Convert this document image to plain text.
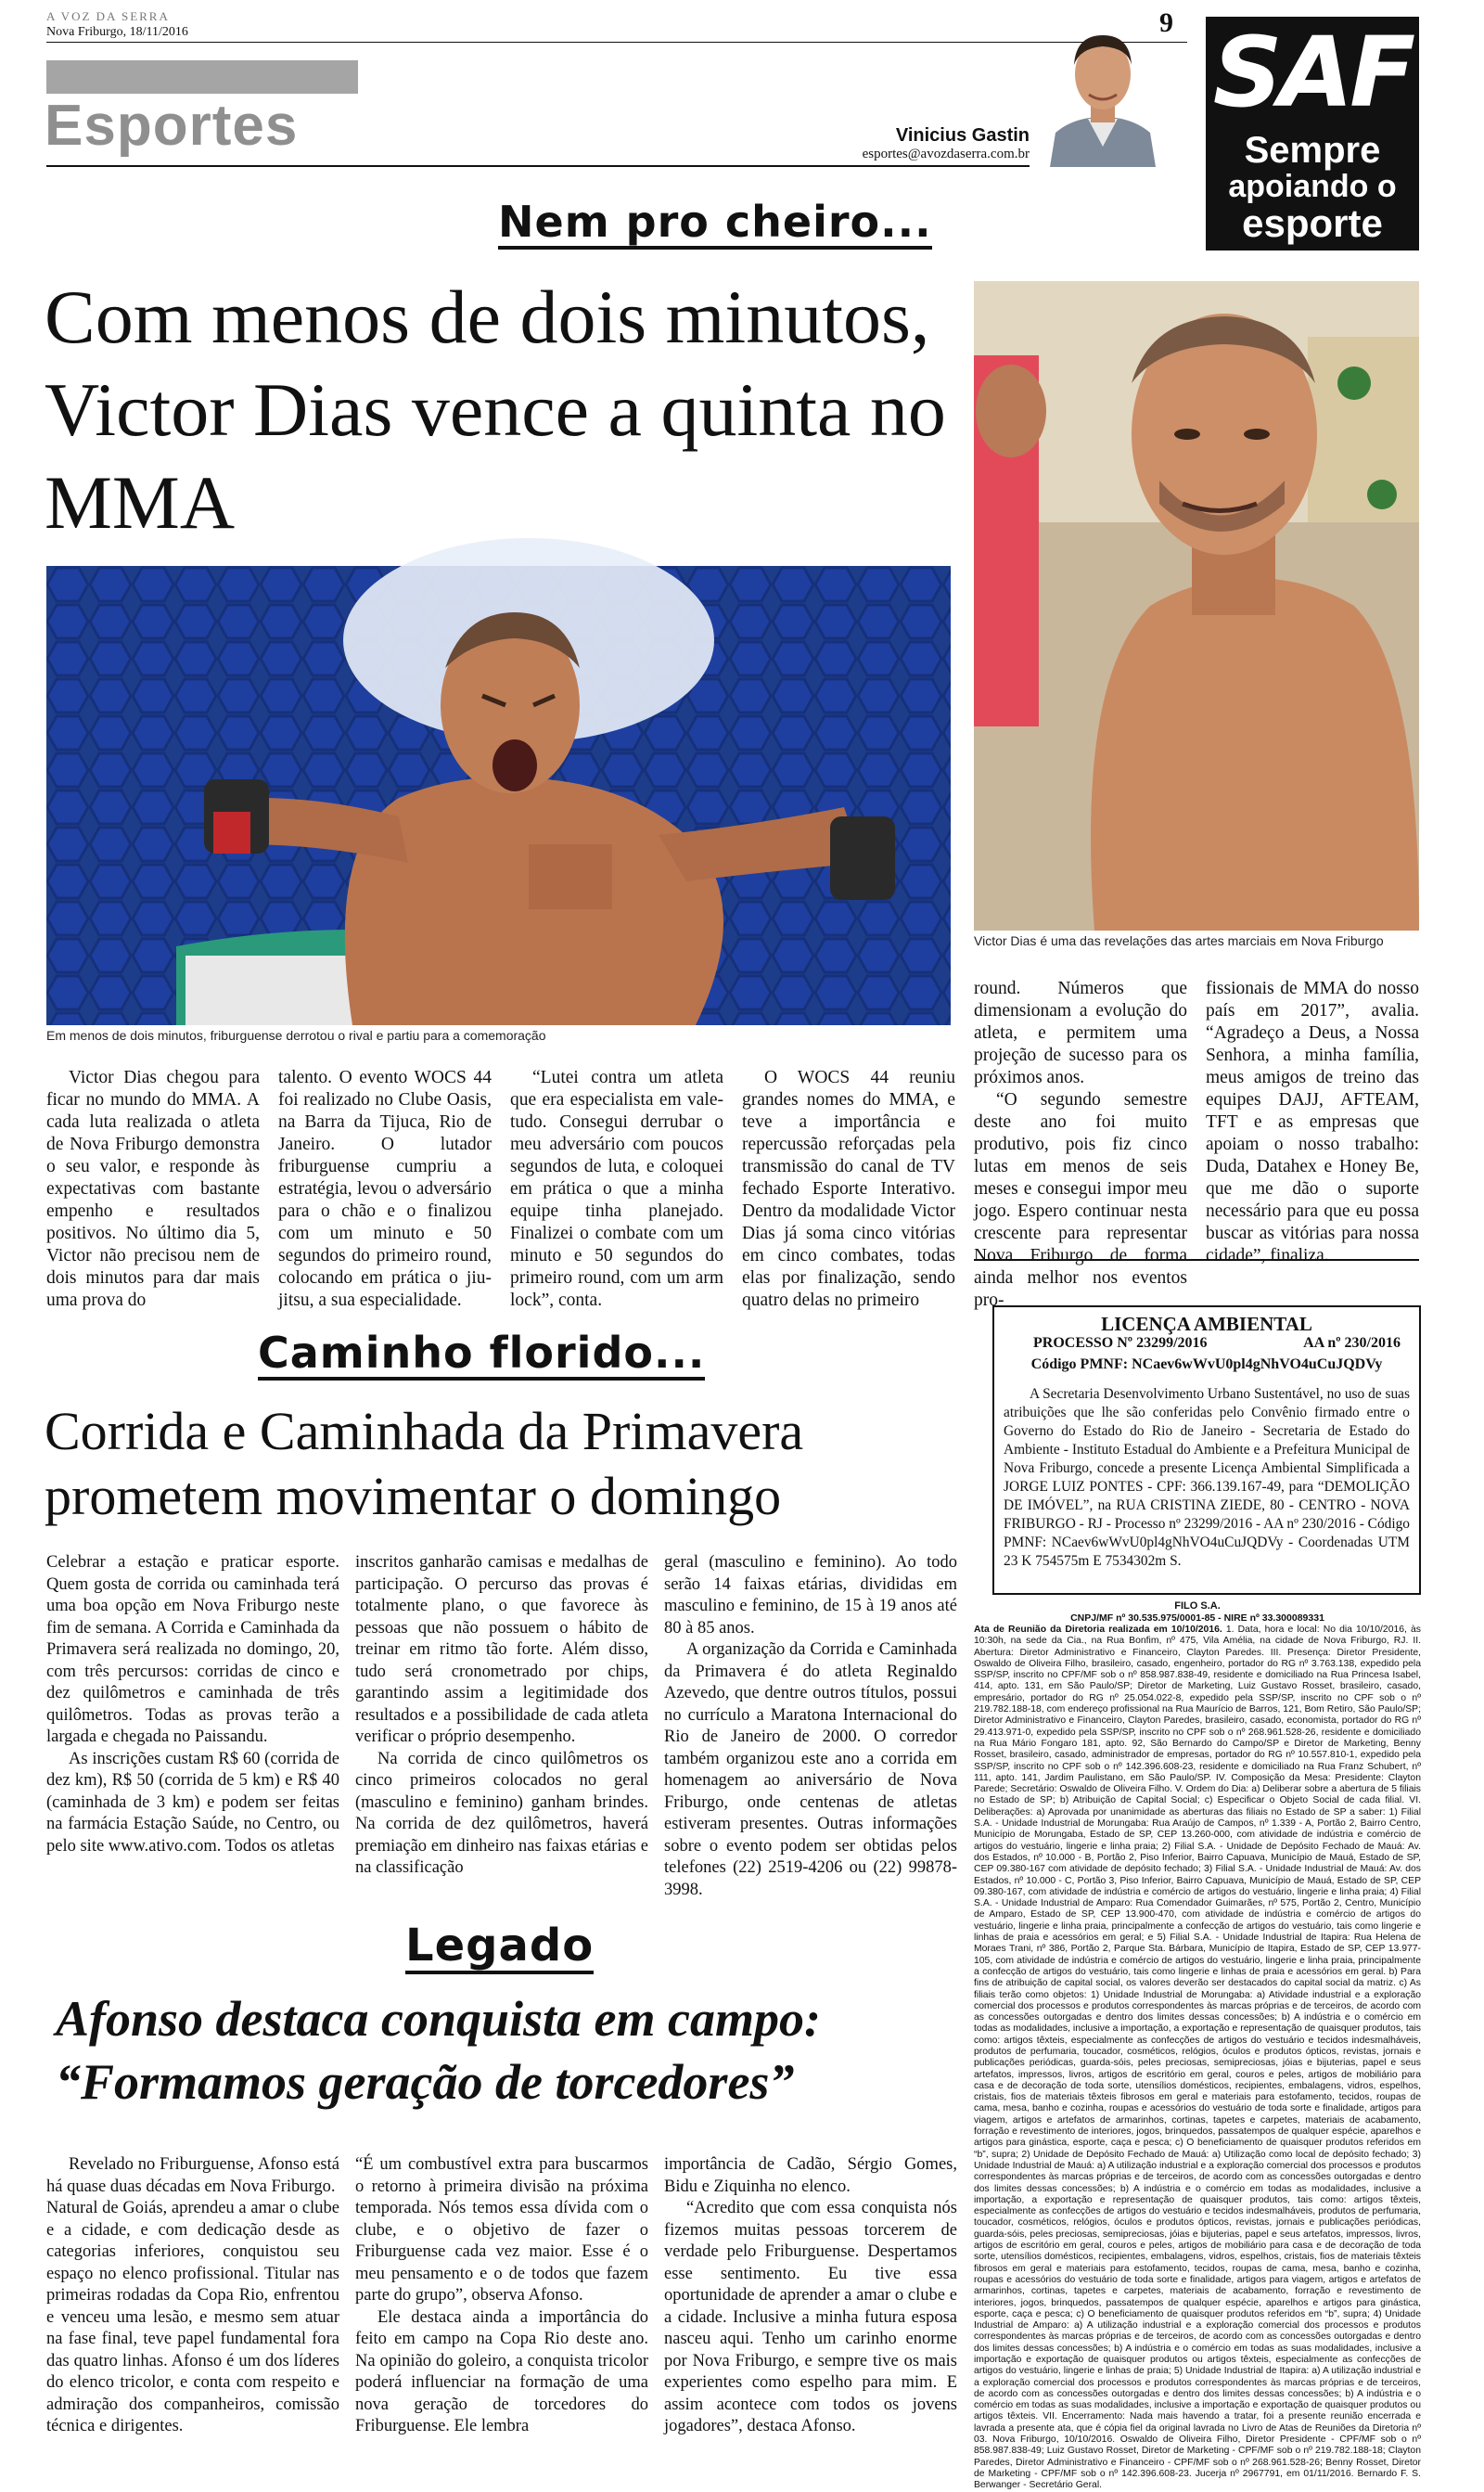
A VOZ DA SERRA
Nova Friburgo, 18/11/2016	9
Esportes	Vinicius Gastin
esportes@avozdaserra.com.br
SAF
Sempre
apoiando o
esporte
Nem pro cheiro...
Com menos de dois minutos, Victor Dias vence a quinta no MMA
Victor Dias é uma das revelações das artes marciais em Nova Friburgo
Em menos de dois minutos, friburguense derrotou o rival e partiu para a comemoração

Victor Dias chegou para ficar no mundo do MMA. A cada luta realizada o atleta de Nova Friburgo demonstra o seu valor, e responde às expectativas com bastante empenho e resultados positivos. No último dia 5, Victor não precisou nem de dois minutos para dar mais uma prova do

talento. O evento WOCS 44 foi realizado no Clube Oasis, na Barra da Tijuca, Rio de Janeiro. O lutador friburguense cumpriu a estratégia, levou o adversário para o chão e o finalizou com um minuto e 50 segundos do primeiro round, colocando em prática o jiu-jitsu, a sua especialidade.

“Lutei contra um atleta que era especialista em vale-tudo. Consegui derrubar o meu adversário com poucos segundos de luta, e coloquei em prática o que a minha equipe tinha planejado. Finalizei o combate com um minuto e 50 segundos do primeiro round, com um arm lock”, conta.

O WOCS 44 reuniu grandes nomes do MMA, e teve a importância e repercussão reforçadas pela transmissão do canal de TV fechado Esporte Interativo. Dentro da modalidade Victor Dias já soma cinco vitórias em cinco combates, todas elas por finalização, sendo quatro delas no primeiro

round. Números que dimensionam a evolução do atleta, e permitem uma projeção de sucesso para os próximos anos.

“O segundo semestre deste ano foi muito produtivo, pois fiz cinco lutas em menos de seis meses e consegui impor meu jogo. Espero continuar nesta crescente para representar Nova Friburgo de forma ainda melhor nos eventos pro-

fissionais de MMA do nosso país em 2017”, avalia. “Agradeço a Deus, a Nossa Senhora, a minha família, meus amigos de treino das equipes DAJJ, AFTEAM, TFT e as empresas que apoiam o nosso trabalho: Duda, Datahex e Honey Be, que me dão o suporte necessário para que eu possa buscar as vitórias para nossa cidade”, finaliza.

Caminho florido...
Corrida e Caminhada da Primavera
prometem movimentar o domingo

Celebrar a estação e praticar esporte. Quem gosta de corrida ou caminhada terá uma boa opção em Nova Friburgo neste fim de semana. A Corrida e Caminhada da Primavera será realizada no domingo, 20, com três percursos: corridas de cinco e dez quilômetros e caminhada de três quilômetros. Todas as provas terão a largada e chegada no Paissandu.

As inscrições custam R$ 60 (corrida de dez km), R$ 50 (corrida de 5 km) e R$ 40 (caminhada de 3 km) e podem ser feitas na farmácia Estação Saúde, no Centro, ou pelo site www.ativo.com. Todos os atletas

inscritos ganharão camisas e medalhas de participação. O percurso das provas é totalmente plano, o que favorece às pessoas que não possuem o hábito de treinar em ritmo tão forte. Além disso, tudo será cronometrado por chips, garantindo assim a legitimidade dos resultados e a possibilidade de cada atleta verificar o próprio desempenho.

Na corrida de cinco quilômetros os cinco primeiros colocados no geral (masculino e feminino) ganham brindes. Na corrida de dez quilômetros, haverá premiação em dinheiro nas faixas etárias e na classificação

geral (masculino e feminino). Ao todo serão 14 faixas etárias, divididas em masculino e feminino, de 15 à 19 anos até 80 à 85 anos.

A organização da Corrida e Caminhada da Primavera é do atleta Reginaldo Azevedo, que dentre outros títulos, possui no currículo a Maratona Internacional do Rio de Janeiro de 2000. O corredor também organizou este ano a corrida em homenagem ao aniversário de Nova Friburgo, onde centenas de atletas estiveram presentes. Outras informações sobre o evento podem ser obtidas pelos telefones (22) 2519-4206 ou (22) 99878-3998.

Legado
Afonso destaca conquista em campo:
“Formamos geração de torcedores”

Revelado no Friburguense, Afonso está há quase duas décadas em Nova Friburgo.

Natural de Goiás, aprendeu a amar o clube e a cidade, e com dedicação desde as categorias inferiores, conquistou seu espaço no elenco profissional. Titular nas primeiras rodadas da Copa Rio, enfrentou e venceu uma lesão, e mesmo sem atuar na fase final, teve papel fundamental fora das quatro linhas. Afonso é um dos líderes do elenco tricolor, e conta com respeito e admiração dos companheiros, comissão técnica e dirigentes.

“É um combustível extra para buscarmos o retorno à primeira divisão na próxima temporada. Nós temos essa dívida com o clube, e o objetivo de fazer o Friburguense cada vez maior. Esse é o meu pensamento e o de todos que fazem parte do grupo”, observa Afonso.

Ele destaca ainda a importância do feito em campo na Copa Rio deste ano. Na opinião do goleiro, a conquista tricolor poderá influenciar na formação de uma nova geração de torcedores do Friburguense. Ele lembra

importância de Cadão, Sérgio Gomes, Bidu e Ziquinha no elenco.

“Acredito que com essa conquista nós fizemos muitas pessoas torcerem de verdade pelo Friburguense. Despertamos esse sentimento. Eu tive essa oportunidade de aprender a amar o clube e a cidade. Inclusive a minha futura esposa nasceu aqui. Tenho um carinho enorme por Nova Friburgo, e sempre tive os mais experientes como espelho para mim. E assim acontece com todos os jovens jogadores”, destaca Afonso.

LICENÇA AMBIENTAL
PROCESSO Nº 23299/2016	AA nº 230/2016
Código PMNF: NCaev6wWvU0pl4gNhVO4uCuJQDVy
A Secretaria Desenvolvimento Urbano Sustentável, no uso de suas atribuições que lhe são conferidas pelo Convênio firmado entre o Governo do Estado do Rio de Janeiro - Secretaria de Estado do Ambiente - Instituto Estadual do Ambiente e a Prefeitura Municipal de Nova Friburgo, concede a presente Licença Ambiental Simplificada a JORGE LUIZ PONTES - CPF: 366.139.167-49, para “DEMOLIÇÃO DE IMÓVEL”, na RUA CRISTINA ZIEDE, 80 - CENTRO - NOVA FRIBURGO - RJ - Processo nº 23299/2016 - AA nº 230/2016 - Código PMNF: NCaev6wWvU0pl4gNhVO4uCuJQDVy - Coordenadas UTM 23 K 754575m E 7534302m S.
FILO S.A.
CNPJ/MF nº 30.535.975/0001-85 - NIRE nº 33.300089331
Ata de Reunião da Diretoria realizada em 10/10/2016. 1. Data, hora e local: No dia 10/10/2016, às 10:30h, na sede da Cia., na Rua Bonfim, nº 475, Vila Amélia, na cidade de Nova Friburgo, RJ. II. Abertura: Diretor Administrativo e Financeiro, Clayton Paredes. III. Presença: Diretor Presidente, Oswaldo de Oliveira Filho, brasileiro, casado, engenheiro, portador do RG nº 3.763.138, expedido pela SSP/SP, inscrito no CPF/MF sob o nº 858.987.838-49, residente e domiciliado na Rua Princesa Isabel, 414, apto. 131, em São Paulo/SP; Diretor de Marketing, Luiz Gustavo Rosset, brasileiro, casado, empresário, portador do RG nº 25.054.022-8, expedido pela SSP/SP, inscrito no CPF sob o nº 219.782.188-18, com endereço profissional na Rua Maurício de Barros, 121, Bom Retiro, São Paulo/SP; Diretor Administrativo e Financeiro, Clayton Paredes, brasileiro, casado, economista, portador do RG nº 29.413.971-0, expedido pela SSP/SP, inscrito no CPF sob o nº 268.961.528-26, residente e domiciliado na Rua Mário Fongaro 181, apto. 92, São Bernardo do Campo/SP e Diretor de Marketing, Benny Rosset, brasileiro, casado, administrador de empresas, portador do RG nº 10.557.810-1, expedido pela SSP/SP, inscrito no CPF sob o nº 142.396.608-23, residente e domiciliado na Rua Franz Schubert, nº 111, apto. 141, Jardim Paulistano, em São Paulo/SP. IV. Composição da Mesa: Presidente: Clayton Parede; Secretário: Oswaldo de Oliveira Filho. V. Ordem do Dia: a) Deliberar sobre a abertura de 5 filiais no Estado de SP; b) Atribuição de Capital Social; c) Especificar o Objeto Social de cada filial. VI. Deliberações: a) Aprovada por unanimidade as aberturas das filiais no Estado de SP a saber: 1) Filial S.A. - Unidade Industrial de Morungaba: Rua Araújo de Campos, nº 1.339 - A, Portão 2, Bairro Centro, Município de Morungaba, Estado de SP, CEP 13.260-000, com atividade de indústria e comércio de artigos do vestuário, lingerie e linha praia; 2) Filial S.A. - Unidade de Depósito Fechado de Mauá: Av. dos Estados, nº 10.000 - B, Portão 2, Piso Inferior, Bairro Capuava, Município de Mauá, Estado de SP, CEP 09.380-167 com atividade de depósito fechado; 3) Filial S.A. - Unidade Industrial de Mauá: Av. dos Estados, nº 10.000 - C, Portão 3, Piso Inferior, Bairro Capuava, Município de Mauá, Estado de SP, CEP 09.380-167, com atividade de indústria e comércio de artigos do vestuário, lingerie e linha praia; 4) Filial S.A. - Unidade Industrial de Amparo: Rua Comendador Guimarães, nº 575, Portão 2, Centro, Município de Amparo, Estado de SP, CEP 13.900-470, com atividade de indústria e comércio de artigos do vestuário, lingerie e linha praia, principalmente a confecção de artigos do vestuário, tais como lingerie e linhas de praia e acessórios em geral; e 5) Filial S.A. - Unidade Industrial de Itapira: Rua Helena de Moraes Trani, nº 386, Portão 2, Parque Sta. Bárbara, Município de Itapira, Estado de SP, CEP 13.977-105, com atividade de indústria e comércio de artigos do vestuário, lingerie e linha praia, principalmente a confecção de artigos do vestuário, tais como lingerie e linhas de praia e acessórios em geral. b) Para fins de atribuição de capital social, os valores deverão ser destacados do capital social da matriz. c) As filiais terão como objetos: 1) Unidade Industrial de Morungaba: a) Atividade industrial e a exploração comercial dos processos e produtos correspondentes às marcas próprias e de terceiros, de acordo com as concessões outorgadas e dentro dos limites dessas concessões; b) A indústria e o comércio em todas as modalidades, inclusive a importação, a exportação e representação de quaisquer produtos, tais como: artigos têxteis, especialmente as confecções de artigos do vestuário e tecidos indesmalháveis, produtos de perfumaria, toucador, cosméticos, relógios, óculos e produtos ópticos, revistas, jornais e publicações periódicas, guarda-sóis, peles preciosas, semipreciosas, jóias e bijuterias, papel e seus artefatos, impressos, livros, artigos de escritório em geral, couros e peles, artigos de mobiliário para casa e de decoração de toda sorte, utensílios domésticos, recipientes, embalagens, vidros, espelhos, cristais, fios de materiais têxteis fibrosos em geral e materiais para estofamento, tecidos, roupas de cama, mesa, banho e cozinha, roupas e acessórios do vestuário de toda sorte e finalidade, artigos para viagem, artigos e artefatos de armarinhos, cortinas, tapetes e carpetes, materiais de acabamento, forração e revestimento de interiores, jogos, brinquedos, passatempos de qualquer espécie, aparelhos e artigos para ginástica, esporte, caça e pesca; c) O beneficiamento de quaisquer produtos referidos em “b”, supra; 2) Unidade de Depósito Fechado de Mauá: a) Utilização como local de depósito fechado; 3) Unidade Industrial de Mauá: a) A utilização industrial e a exploração comercial dos processos e produtos correspondentes às marcas próprias e de terceiros, de acordo com as concessões outorgadas e dentro dos limites dessas concessões; b) A indústria e o comércio em todas as modalidades, inclusive a importação, a exportação e representação de quaisquer produtos, tais como: artigos têxteis, especialmente as confecções de artigos do vestuário e tecidos indesmalháveis, produtos de perfumaria, toucador, cosméticos, relógios, óculos e produtos ópticos, revistas, jornais e publicações periódicas, guarda-sóis, peles preciosas, semipreciosas, jóias e bijuterias, papel e seus artefatos, impressos, livros, artigos de escritório em geral, couros e peles, artigos de mobiliário para casa e de decoração de toda sorte, utensílios domésticos, recipientes, embalagens, vidros, espelhos, cristais, fios de materiais têxteis fibrosos em geral e materiais para estofamento, tecidos, roupas de cama, mesa, banho e cozinha, roupas e acessórios do vestuário de toda sorte e finalidade, artigos para viagem, artigos e artefatos de armarinhos, cortinas, tapetes e carpetes, materiais de acabamento, forração e revestimento de interiores, jogos, brinquedos, passatempos de qualquer espécie, aparelhos e artigos para ginástica, esporte, caça e pesca; c) O beneficiamento de quaisquer produtos referidos em “b”, supra; 4) Unidade Industrial de Amparo: a) A utilização industrial e a exploração comercial dos processos e produtos correspondentes às marcas próprias e de terceiros, de acordo com as concessões outorgadas e dentro dos limites dessas concessões; b) A indústria e o comércio em todas as suas modalidades, inclusive a importação e exportação de quaisquer produtos ou artigos têxteis, especialmente as confecções de artigos do vestuário, lingerie e linhas de praia; 5) Unidade Industrial de Itapira: a) A utilização industrial e a exploração comercial dos processos e produtos correspondentes às marcas próprias e de terceiros, de acordo com as concessões outorgadas e dentro dos limites dessas concessões; b) A indústria e o comércio em todas as suas modalidades, inclusive a importação e exportação de quaisquer produtos ou artigos têxteis. VII. Encerramento: Nada mais havendo a tratar, foi a presente reunião encerrada e lavrada a presente ata, que é cópia fiel da original lavrada no Livro de Atas de Reuniões da Diretoria nº 03. Nova Friburgo, 10/10/2016. Oswaldo de Oliveira Filho, Diretor Presidente - CPF/MF sob o nº 858.987.838-49; Luiz Gustavo Rosset, Diretor de Marketing - CPF/MF sob o nº 219.782.188-18; Clayton Paredes, Diretor Administrativo e Financeiro - CPF/MF sob o nº 268.961.528-26; Benny Rosset, Diretor de Marketing - CPF/MF sob o nº 142.396.608-23. Jucerja nº 2967791, em 01/11/2016. Bernardo F. S. Berwanger - Secretário Geral.
